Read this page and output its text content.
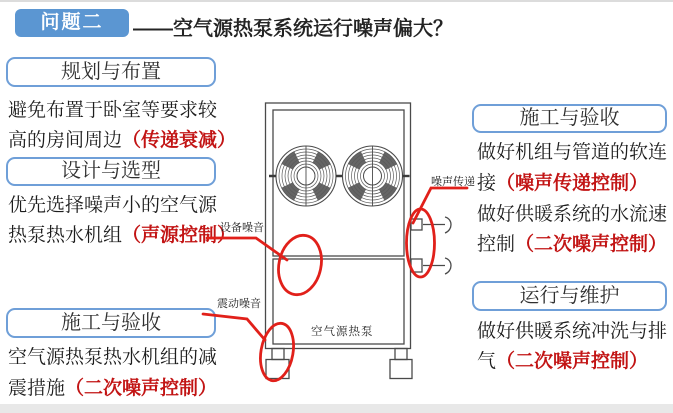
问题二	——空气源热泵系统运行噪声偏大？
规划与布置
避免布置于卧室等要求较
高的房间周边（传递衰减）
设计与选型
优先选择噪声小的空气源
热泵热水机组（声源控制）
施工与验收
空气源热泵热水机组的减
震措施（二次噪声控制）
施工与验收
做好机组与管道的软连
接（噪声传递控制）
做好供暖系统的水流速
控制（二次噪声控制）
运行与维护
做好供暖系统冲洗与排
气（二次噪声控制）
设备噪音
噪声传递
震动噪音
空气源热泵
